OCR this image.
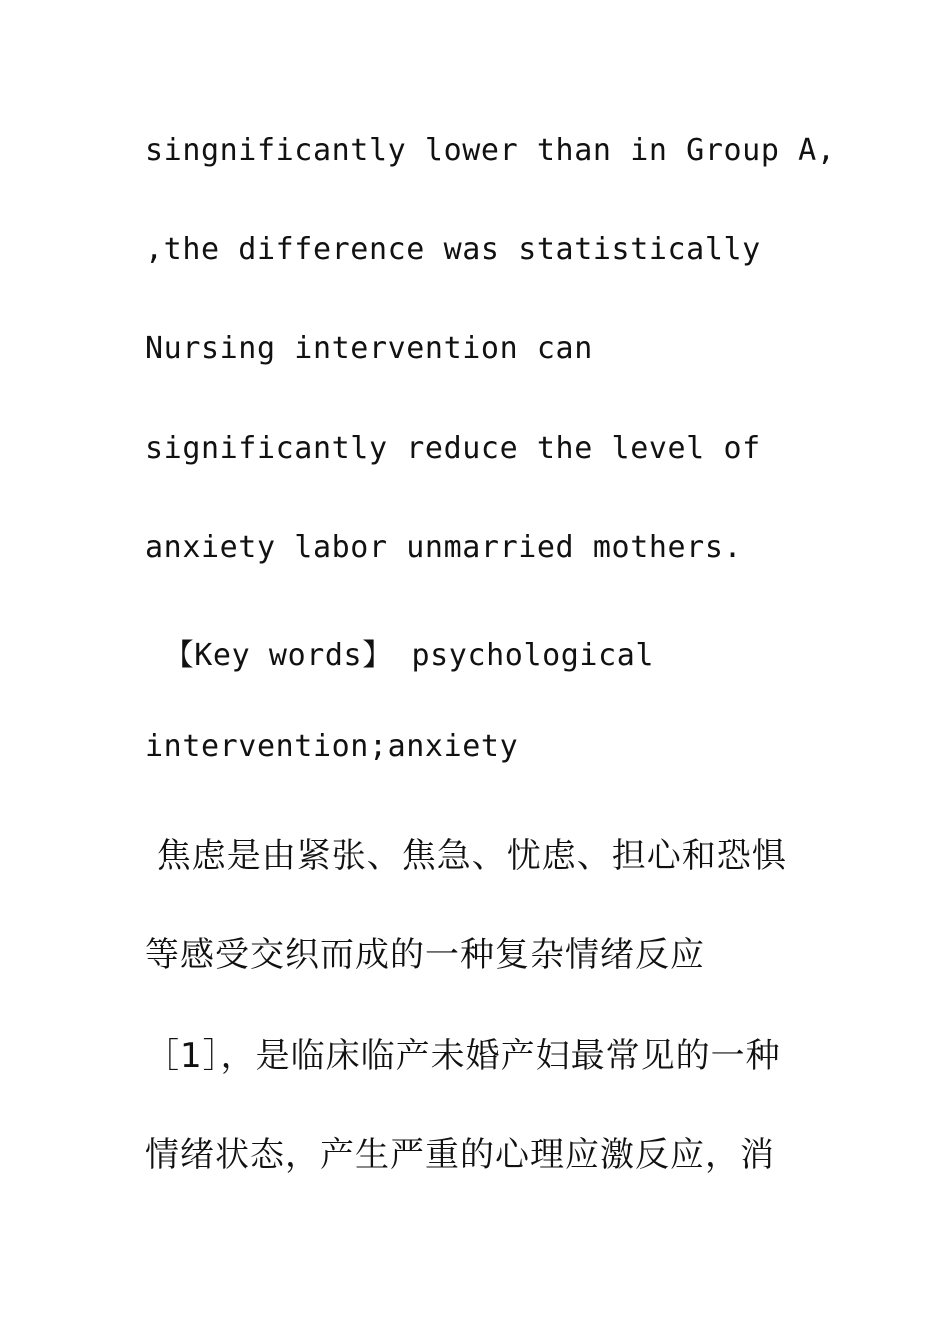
singnificantly lower than in Group A,

,the difference was statistically

Nursing intervention can

significantly reduce the level of

anxiety labor unmarried mothers.

【Key words】 psychological

intervention;anxiety

焦虑是由紧张、焦急、忧虑、担心和恐惧

等感受交织而成的一种复杂情绪反应

［1］，是临床临产未婚产妇最常见的一种

情绪状态，产生严重的心理应激反应，消
